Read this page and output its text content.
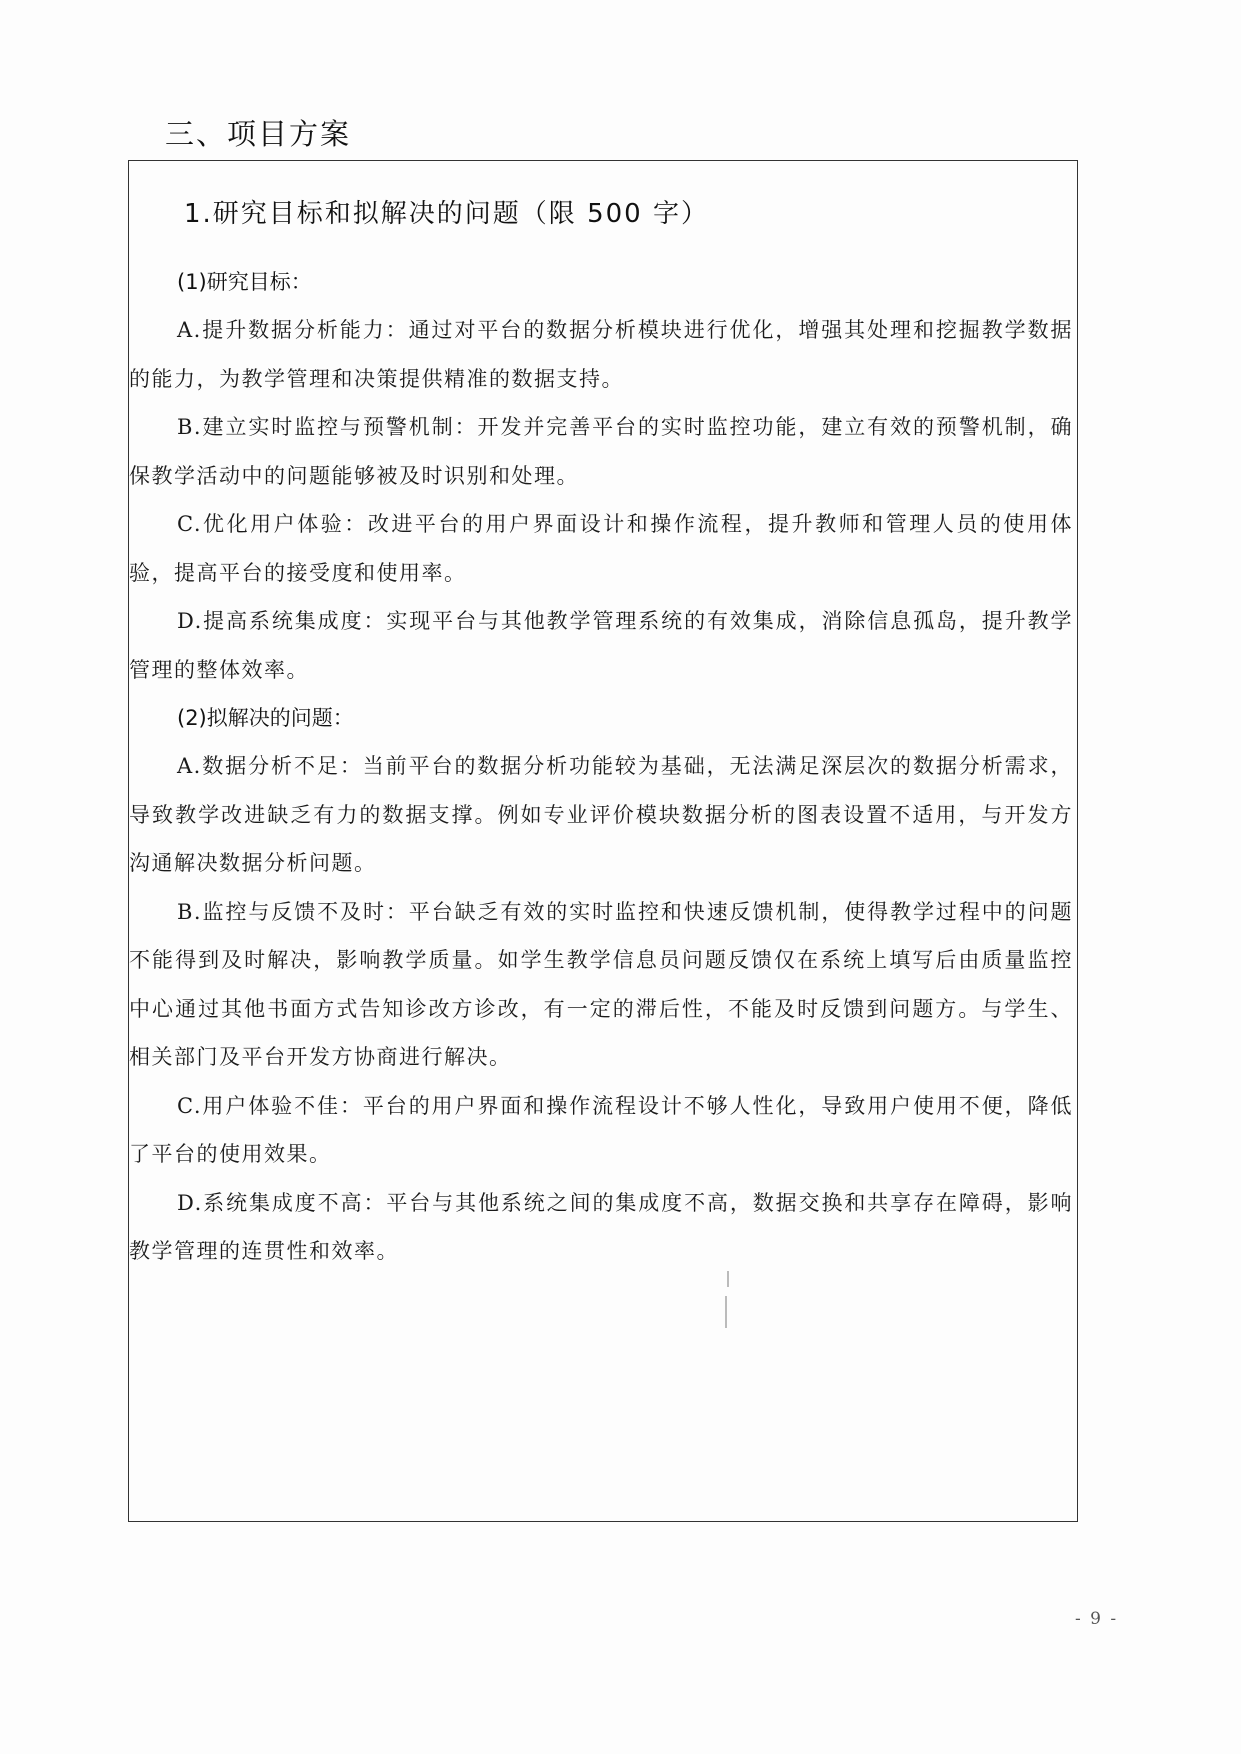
三、项目方案
1.研究目标和拟解决的问题（限 500 字）

(1)研究目标：

A.提升数据分析能力：通过对平台的数据分析模块进行优化，增强其处理和挖掘教学数据的能力，为教学管理和决策提供精准的数据支持。

B.建立实时监控与预警机制：开发并完善平台的实时监控功能，建立有效的预警机制，确保教学活动中的问题能够被及时识别和处理。

C.优化用户体验：改进平台的用户界面设计和操作流程，提升教师和管理人员的使用体验，提高平台的接受度和使用率。

D.提高系统集成度：实现平台与其他教学管理系统的有效集成，消除信息孤岛，提升教学管理的整体效率。

(2)拟解决的问题：

A.数据分析不足：当前平台的数据分析功能较为基础，无法满足深层次的数据分析需求，导致教学改进缺乏有力的数据支撑。例如专业评价模块数据分析的图表设置不适用，与开发方沟通解决数据分析问题。

B.监控与反馈不及时：平台缺乏有效的实时监控和快速反馈机制，使得教学过程中的问题不能得到及时解决，影响教学质量。如学生教学信息员问题反馈仅在系统上填写后由质量监控中心通过其他书面方式告知诊改方诊改，有一定的滞后性，不能及时反馈到问题方。与学生、相关部门及平台开发方协商进行解决。

C.用户体验不佳：平台的用户界面和操作流程设计不够人性化，导致用户使用不便，降低了平台的使用效果。

D.系统集成度不高：平台与其他系统之间的集成度不高，数据交换和共享存在障碍，影响教学管理的连贯性和效率。

- 9 -
